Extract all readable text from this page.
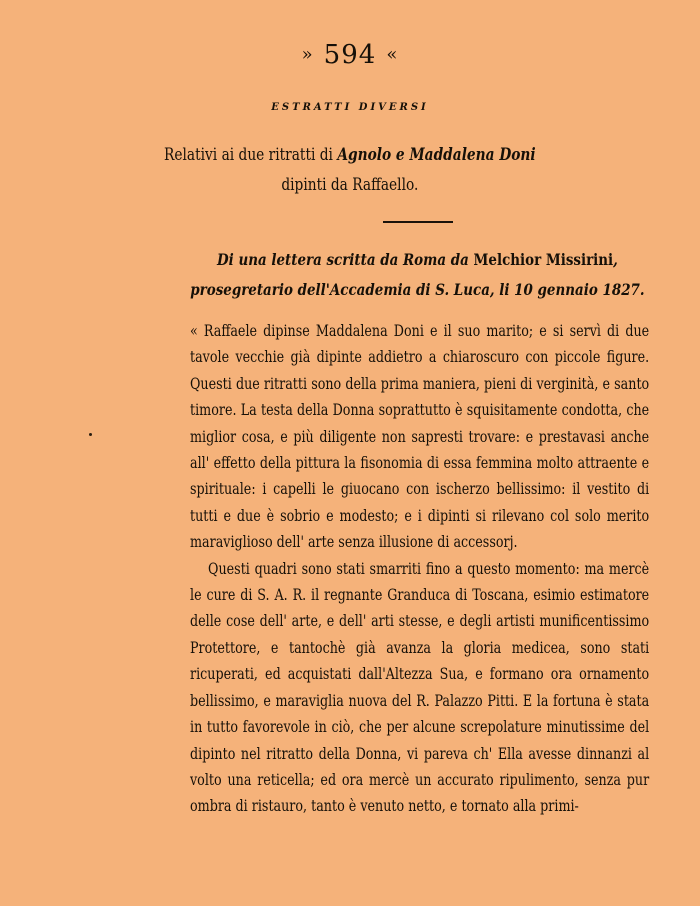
» 594 «
ESTRATTI DIVERSI
Relativi ai due ritratti di Agnolo e Maddalena Doni
dipinti da Raffaello.
Di una lettera scritta da Roma da Melchior Missirini,
prosegretario dell'Accademia di S. Luca, li 10 gennaio 1827.

« Raffaele dipinse Maddalena Doni e il suo marito; e si servì di due tavole vecchie già dipinte addietro a chiaroscuro con piccole figure. Questi due ritratti sono della prima maniera, pieni di verginità, e santo timore. La testa della Donna soprattutto è squisitamente condotta, che miglior cosa, e più diligente non sapresti trovare: e prestavasi anche all' effetto della pittura la fisonomia di essa femmina molto attraente e spirituale: i capelli le giuocano con ischerzo bellissimo: il vestito di tutti e due è sobrio e modesto; e i dipinti si rilevano col solo merito maraviglioso dell' arte senza illusione di accessorj.

Questi quadri sono stati smarriti fino a questo momento: ma mercè le cure di S. A. R. il regnante Granduca di Toscana, esimio estimatore delle cose dell' arte, e dell' arti stesse, e degli artisti munificentissimo Protettore, e tantochè già avanza la gloria medicea, sono stati ricuperati, ed acquistati dall'Altezza Sua, e formano ora ornamento bellissimo, e maraviglia nuova del R. Palazzo Pitti. E la fortuna è stata in tutto favorevole in ciò, che per alcune screpolature minutissime del dipinto nel ritratto della Donna, vi pareva ch' Ella avesse dinnanzi al volto una reticella; ed ora mercè un accurato ripulimento, senza pur ombra di ristauro, tanto è venuto netto, e tornato alla primi-
